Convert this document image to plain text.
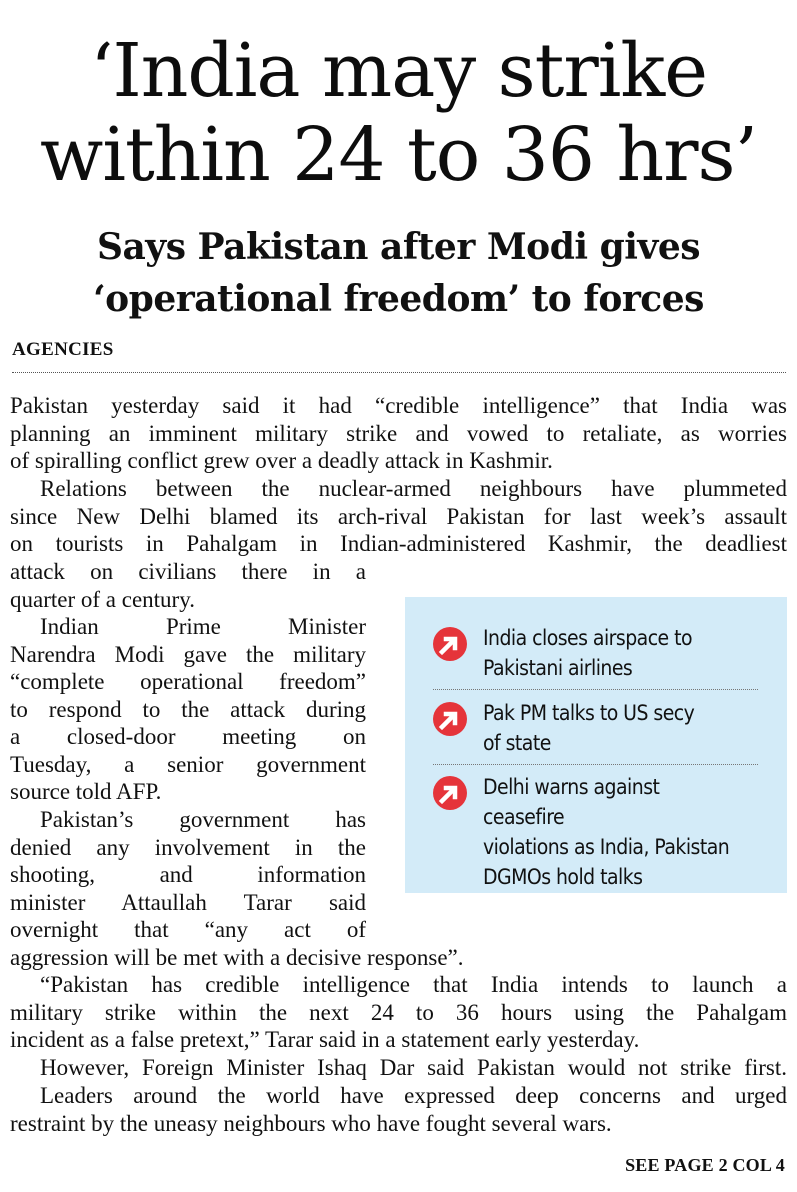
‘India may strike
within 24 to 36 hrs’
Says Pakistan after Modi gives
‘operational freedom’ to forces
AGENCIES
Pakistan yesterday said it had “credible intelligence” that India was
planning an imminent military strike and vowed to retaliate, as worries
of spiralling conflict grew over a deadly attack in Kashmir.
Relations between the nuclear-armed neighbours have plummeted
since New Delhi blamed its arch-rival Pakistan for last week’s assault
on tourists in Pahalgam in Indian-administered Kashmir, the deadliest
attack on civilians there in a
quarter of a century.
Indian Prime Minister
Narendra Modi gave the military
“complete operational freedom”
to respond to the attack during
a closed-door meeting on
Tuesday, a senior government
source told AFP.
Pakistan’s government has
denied any involvement in the
shooting, and information
minister Attaullah Tarar said
overnight that “any act of
aggression will be met with a decisive response”.
“Pakistan has credible intelligence that India intends to launch a
military strike within the next 24 to 36 hours using the Pahalgam
incident as a false pretext,” Tarar said in a statement early yesterday.
However, Foreign Minister Ishaq Dar said Pakistan would not strike first.
Leaders around the world have expressed deep concerns and urged
restraint by the uneasy neighbours who have fought several wars.
India closes airspace to
Pakistani airlines
Pak PM talks to US secy
of state
Delhi warns against ceasefire
violations as India, Pakistan
DGMOs hold talks
SEE PAGE 2 COL 4
